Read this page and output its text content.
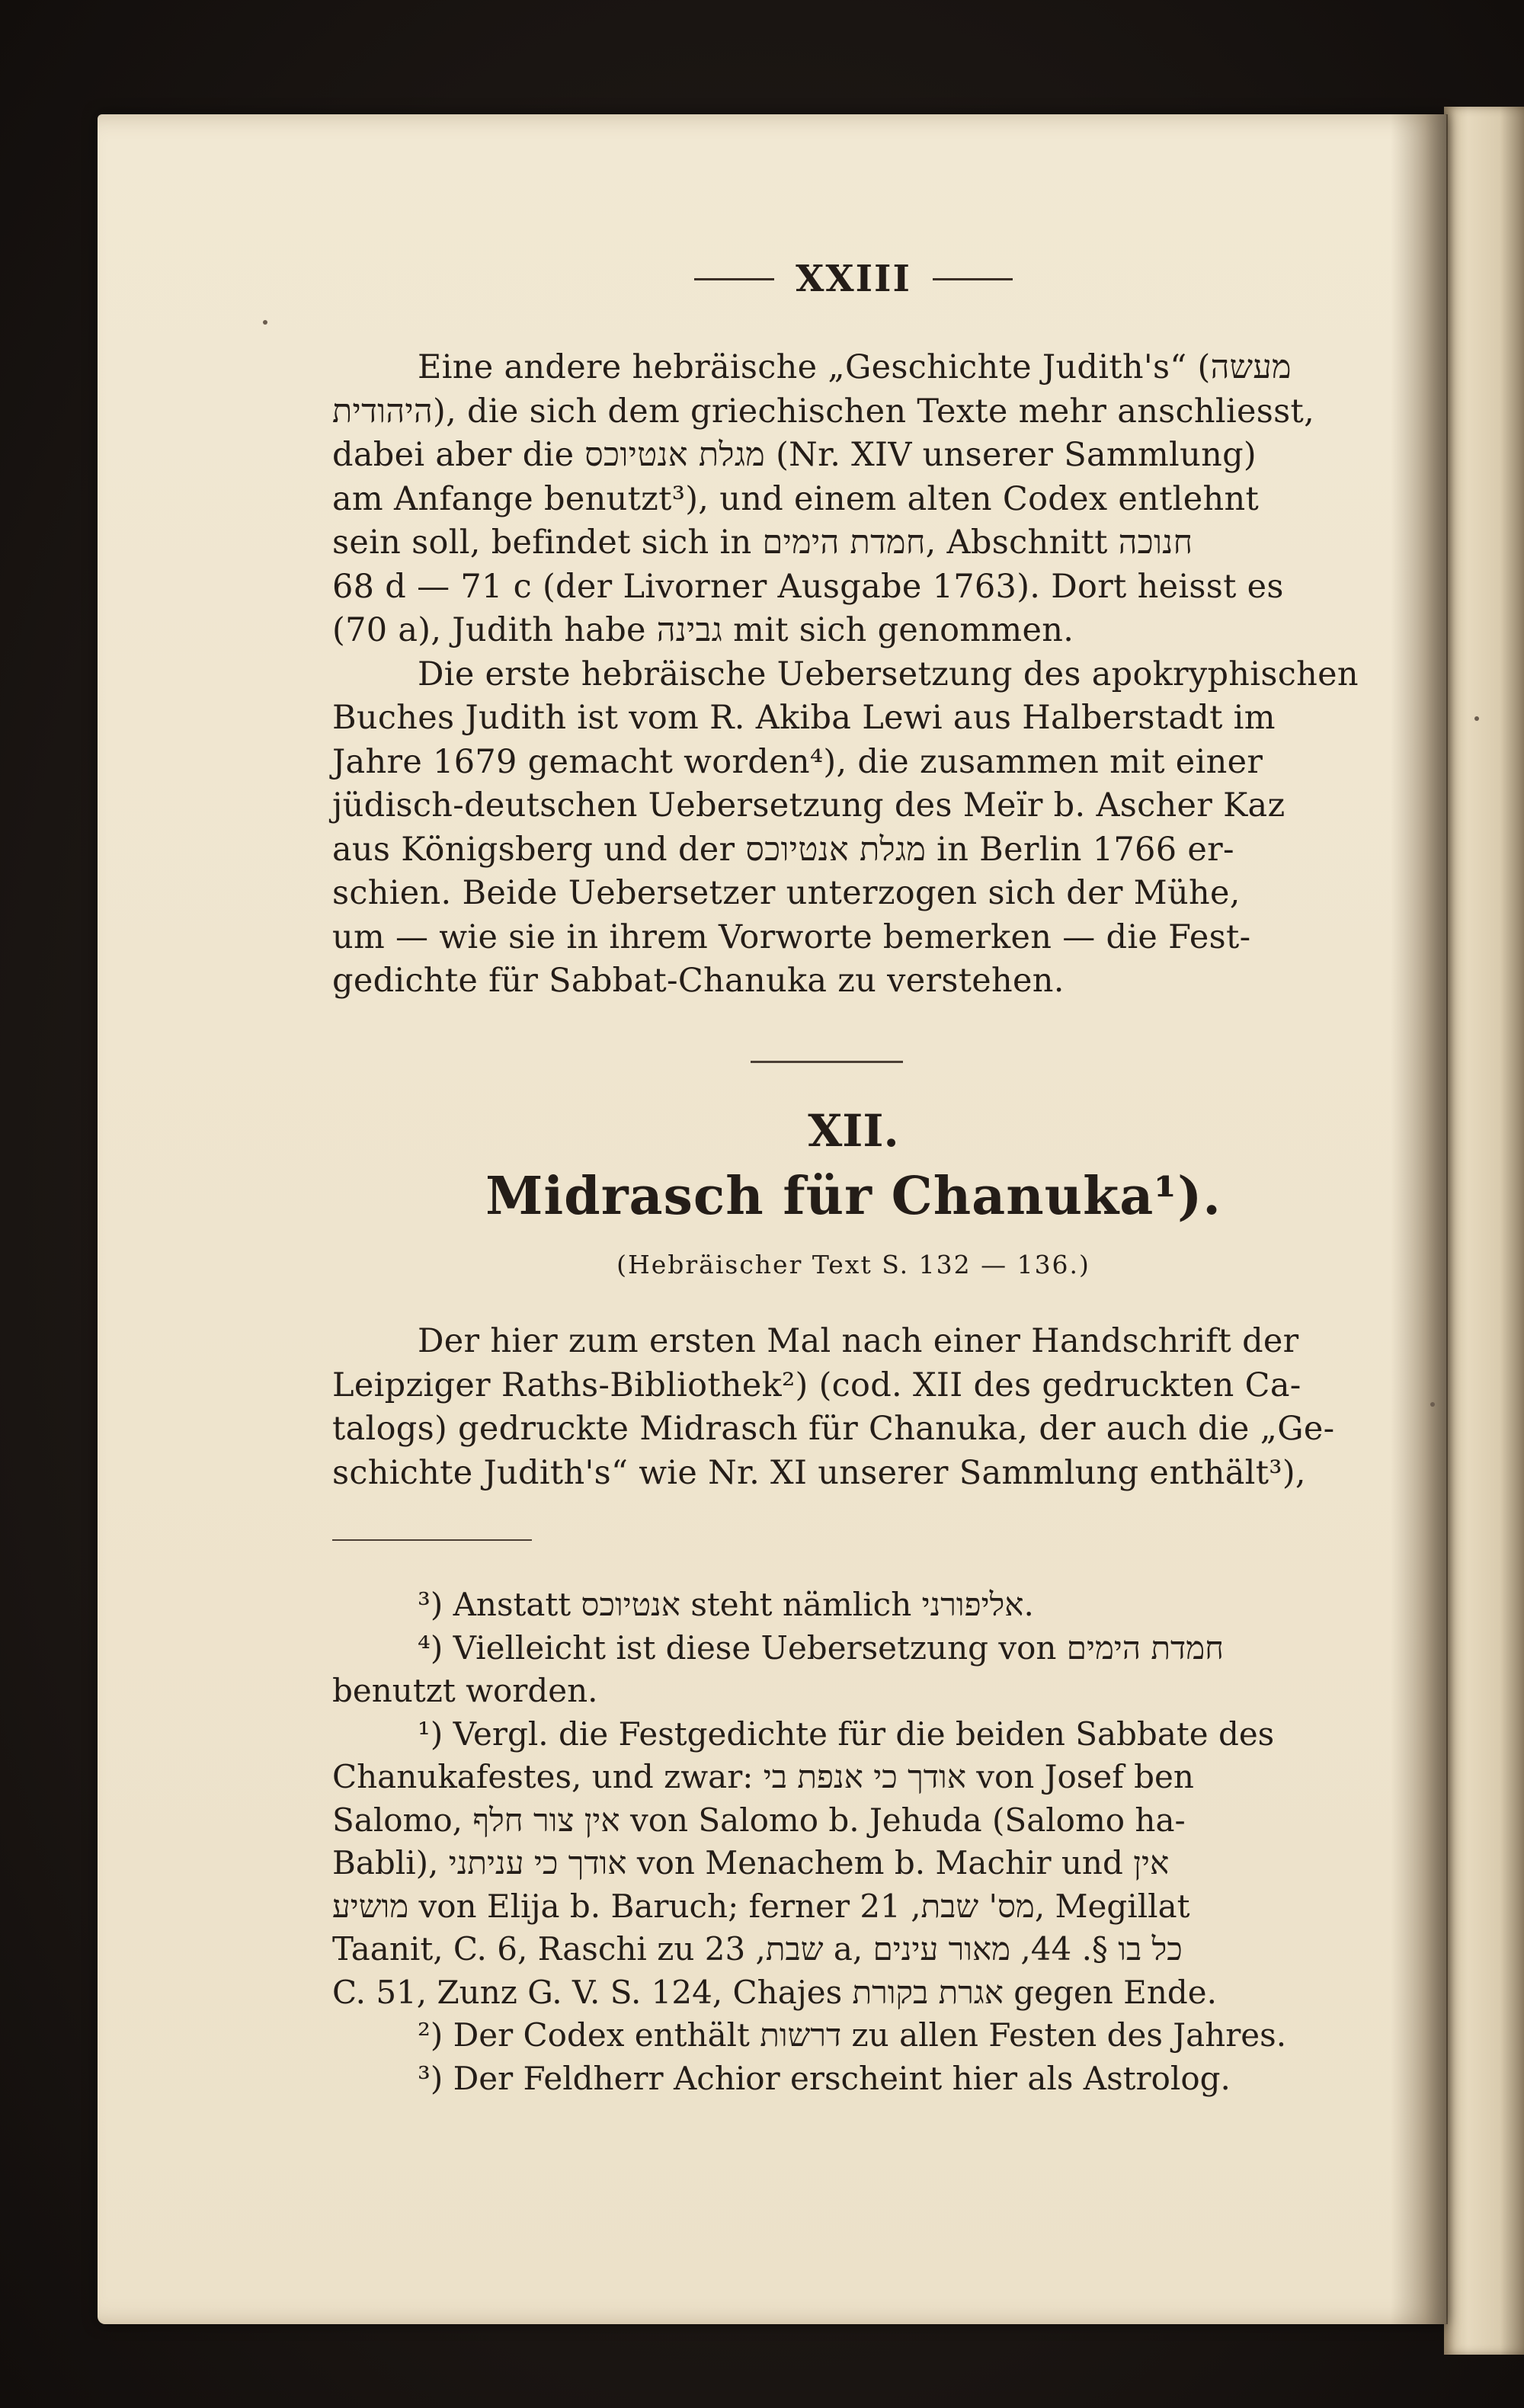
XXIII
Eine andere hebräische „Geschichte Judith's“ (מעשה
היהודית), die sich dem griechischen Texte mehr anschliesst,
dabei aber die מגלת אנטיוכס (Nr. XIV unserer Sammlung)
am Anfange benutzt³), und einem alten Codex entlehnt
sein soll, befindet sich in חמדת הימים, Abschnitt חנוכה
68 d — 71 c (der Livorner Ausgabe 1763). Dort heisst es
(70 a), Judith habe גבינה mit sich genommen.
Die erste hebräische Uebersetzung des apokryphischen
Buches Judith ist vom R. Akiba Lewi aus Halberstadt im
Jahre 1679 gemacht worden⁴), die zusammen mit einer
jüdisch-deutschen Uebersetzung des Meïr b. Ascher Kaz
aus Königsberg und der מגלת אנטיוכס in Berlin 1766 er-
schien. Beide Uebersetzer unterzogen sich der Mühe,
um — wie sie in ihrem Vorworte bemerken — die Fest-
gedichte für Sabbat-Chanuka zu verstehen.
XII.
Midrasch für Chanuka¹).
(Hebräischer Text S. 132 — 136.)
Der hier zum ersten Mal nach einer Handschrift der
Leipziger Raths-Bibliothek²) (cod. XII des gedruckten Ca-
talogs) gedruckte Midrasch für Chanuka, der auch die „Ge-
schichte Judith's“ wie Nr. XI unserer Sammlung enthält³),
³) Anstatt אנטיוכס steht nämlich אליפורני.
⁴) Vielleicht ist diese Uebersetzung von חמדת הימים
benutzt worden.
¹) Vergl. die Festgedichte für die beiden Sabbate des
Chanukafestes, und zwar: אודך כי אנפת בי von Josef ben
Salomo, אין צור חלף von Salomo b. Jehuda (Salomo ha-
Babli), אודך כי עניתני von Menachem b. Machir und אין
מושיע von Elija b. Baruch; ferner מס' שבת, 21, Megillat
Taanit, C. 6, Raschi zu שבת, 23 a, כל בו §. 44, מאור עינים
C. 51, Zunz G. V. S. 124, Chajes אגרת בקורת gegen Ende.
²) Der Codex enthält דרשות zu allen Festen des Jahres.
³) Der Feldherr Achior erscheint hier als Astrolog.
